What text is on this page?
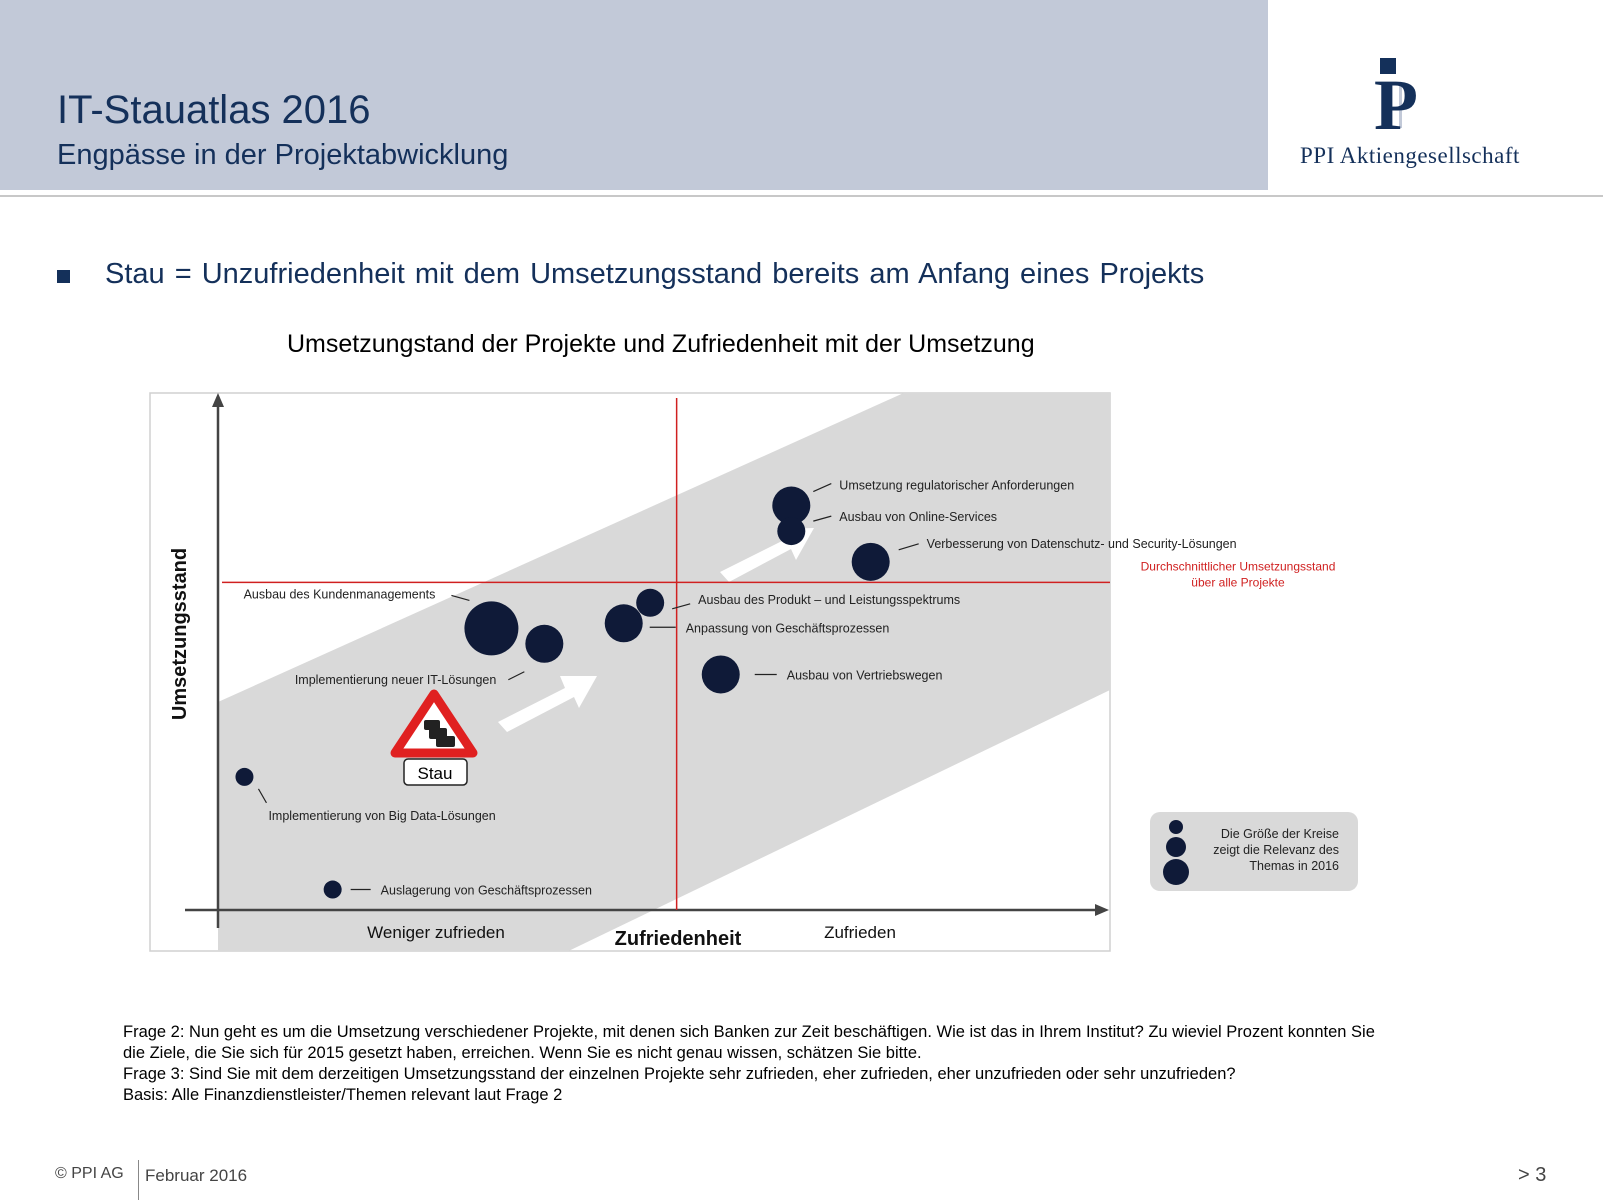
IT-Stauatlas 2016
Engpässe in der Projektabwicklung
P
PPI Aktiengesellschaft
Stau = Unzufriedenheit mit dem Umsetzungsstand bereits am Anfang eines Projekts
Umsetzungstand der Projekte und Zufriedenheit mit der Umsetzung
Umsetzungsstand
Zufriedenheit
Weniger zufrieden	Zufrieden
Durchschnittlicher Umsetzungsstand
über alle Projekte
Umsetzung regulatorischer Anforderungen
Ausbau von Online-Services
Verbesserung von Datenschutz- und Security-Lösungen
Ausbau des Produkt – und Leistungsspektrums
Anpassung von Geschäftsprozessen
Ausbau des Kundenmanagements
Implementierung neuer IT-Lösungen	Ausbau von Vertriebswegen
Implementierung von Big Data-Lösungen
Auslagerung von Geschäftsprozessen
Stau
Die Größe der Kreise
zeigt die Relevanz des
Themas in 2016
Frage 2: Nun geht es um die Umsetzung verschiedener Projekte, mit denen sich Banken zur Zeit beschäftigen. Wie ist das in Ihrem Institut? Zu wieviel Prozent konnten Sie
die Ziele, die Sie sich für 2015 gesetzt haben, erreichen. Wenn Sie es nicht genau wissen, schätzen Sie bitte.
Frage 3: Sind Sie mit dem derzeitigen Umsetzungsstand der einzelnen Projekte sehr zufrieden, eher zufrieden, eher unzufrieden oder sehr unzufrieden?
Basis: Alle Finanzdienstleister/Themen relevant laut Frage 2
© PPI AG Februar 2016	> 3
